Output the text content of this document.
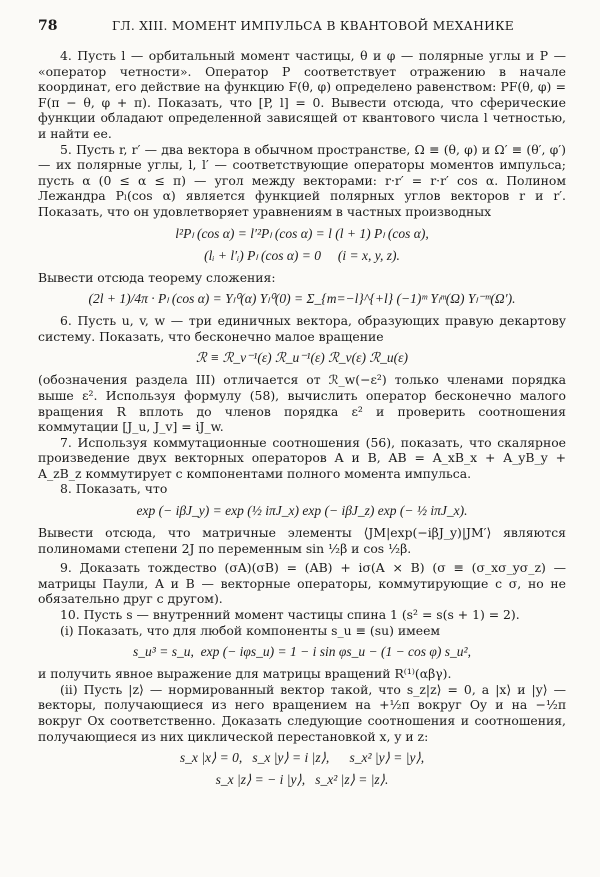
78	ГЛ. XIII. МОМЕНТ ИМПУЛЬСА В КВАНТОВОЙ МЕХАНИКЕ

4. Пусть l — орбитальный момент частицы, θ и φ — полярные углы и P — «оператор четности». Оператор P соответствует отражению в начале координат, его действие на функцию F(θ, φ) определено равенством: PF(θ, φ) = F(π − θ, φ + π). Показать, что [P, l] = 0. Вывести отсюда, что сферические функции обладают определенной зависящей от квантового числа l четностью, и найти ее.

5. Пусть r, r′ — два вектора в обычном пространстве, Ω ≡ (θ, φ) и Ω′ ≡ (θ′, φ′) — их полярные углы, l, l′ — соответствующие операторы моментов импульса; пусть α (0 ≤ α ≤ π) — угол между векторами: r·r′ = r·r′ cos α. Полином Лежандра Pₗ(cos α) является функцией полярных углов векторов r и r′. Показать, что он удовлетворяет уравнениям в частных производных

l²Pₗ (cos α) = l′²Pₗ (cos α) = l (l + 1) Pₗ (cos α),
(lᵢ + l′ᵢ) Pₗ (cos α) = 0     (i = x, y, z).

Вывести отсюда теорему сложения:

(2l + 1)/4π · Pₗ (cos α) = Yₗ⁰(α) Yₗ⁰(0) = Σ_{m=−l}^{+l} (−1)ᵐ Yₗᵐ(Ω) Yₗ⁻ᵐ(Ω′).

6. Пусть u, v, w — три единичных вектора, образующих правую декартову систему. Показать, что бесконечно малое вращение

ℛ ≡ ℛ_v⁻¹(ε) ℛ_u⁻¹(ε) ℛ_v(ε) ℛ_u(ε)

(обозначения раздела III) отличается от ℛ_w(−ε²) только членами порядка выше ε². Используя формулу (58), вычислить оператор бесконечно малого вращения R вплоть до членов порядка ε² и проверить соотношения коммутации [J_u, J_v] = iJ_w.

7. Используя коммутационные соотношения (56), показать, что скалярное произведение двух векторных операторов A и B, AB = A_xB_x + A_yB_y + A_zB_z коммутирует с компонентами полного момента импульса.

8. Показать, что

exp (− iβJ_y) = exp (½ iπJ_x) exp (− iβJ_z) exp (− ½ iπJ_x).

Вывести отсюда, что матричные элементы ⟨JM|exp(−iβJ_y)|JM′⟩ являются полиномами степени 2J по переменным sin ½β и cos ½β.

9. Доказать тождество (σA)(σB) = (AB) + iσ(A × B) (σ ≡ (σ_xσ_yσ_z) — матрицы Паули, A и B — векторные операторы, коммутирующие с σ, но не обязательно друг с другом).

10. Пусть s — внутренний момент частицы спина 1 (s² = s(s + 1) = 2).

(i) Показать, что для любой компоненты s_u ≡ (su) имеем

s_u³ = s_u,  exp (− iφs_u) = 1 − i sin φs_u − (1 − cos φ) s_u²,

и получить явное выражение для матрицы вращений R⁽¹⁾(αβγ).

(ii) Пусть |z⟩ — нормированный вектор такой, что s_z|z⟩ = 0, а |x⟩ и |y⟩ — векторы, получающиеся из него вращением на +½π вокруг Oy и на −½π вокруг Ox соответственно. Доказать следующие соотношения и соотношения, получающиеся из них циклической перестановкой x, y и z:

s_x |x⟩ = 0,   s_x |y⟩ = i |z⟩,      s_x² |y⟩ = |y⟩,
s_x |z⟩ = − i |y⟩,   s_x² |z⟩ = |z⟩.
